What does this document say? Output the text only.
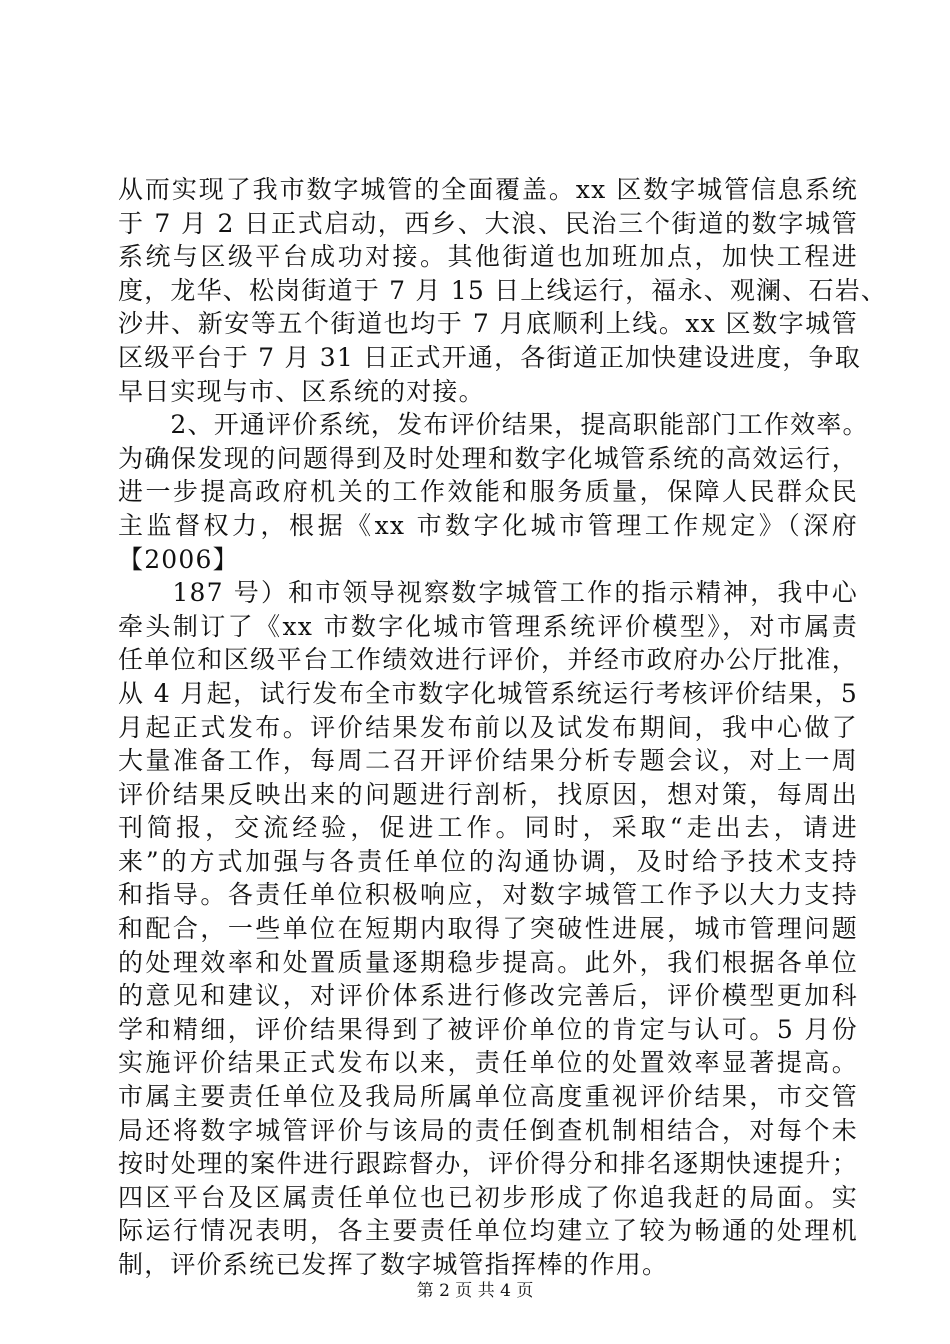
从而实现了我市数字城管的全面覆盖。xx 区数字城管信息系统
于 7 月 2 日正式启动，西乡、大浪、民治三个街道的数字城管
系统与区级平台成功对接。其他街道也加班加点，加快工程进
度，龙华、松岗街道于 7 月 15 日上线运行，福永、观澜、石岩、
沙井、新安等五个街道也均于 7 月底顺利上线。xx 区数字城管
区级平台于 7 月 31 日正式开通，各街道正加快建设进度，争取
早日实现与市、区系统的对接。
　　2、开通评价系统，发布评价结果，提高职能部门工作效率。
为确保发现的问题得到及时处理和数字化城管系统的高效运行，
进一步提高政府机关的工作效能和服务质量，保障人民群众民
主监督权力，根据《xx 市数字化城市管理工作规定》（深府
【2006】
　　187 号）和市领导视察数字城管工作的指示精神，我中心
牵头制订了《xx 市数字化城市管理系统评价模型》，对市属责
任单位和区级平台工作绩效进行评价，并经市政府办公厅批准，
从 4 月起，试行发布全市数字化城管系统运行考核评价结果，5
月起正式发布。评价结果发布前以及试发布期间，我中心做了
大量准备工作，每周二召开评价结果分析专题会议，对上一周
评价结果反映出来的问题进行剖析，找原因，想对策，每周出
刊简报，交流经验，促进工作。同时，采取“走出去，请进
来”的方式加强与各责任单位的沟通协调，及时给予技术支持
和指导。各责任单位积极响应，对数字城管工作予以大力支持
和配合，一些单位在短期内取得了突破性进展，城市管理问题
的处理效率和处置质量逐期稳步提高。此外，我们根据各单位
的意见和建议，对评价体系进行修改完善后，评价模型更加科
学和精细，评价结果得到了被评价单位的肯定与认可。5 月份
实施评价结果正式发布以来，责任单位的处置效率显著提高。
市属主要责任单位及我局所属单位高度重视评价结果，市交管
局还将数字城管评价与该局的责任倒查机制相结合，对每个未
按时处理的案件进行跟踪督办，评价得分和排名逐期快速提升；
四区平台及区属责任单位也已初步形成了你追我赶的局面。实
际运行情况表明，各主要责任单位均建立了较为畅通的处理机
制，评价系统已发挥了数字城管指挥棒的作用。
第 2 页 共 4 页
